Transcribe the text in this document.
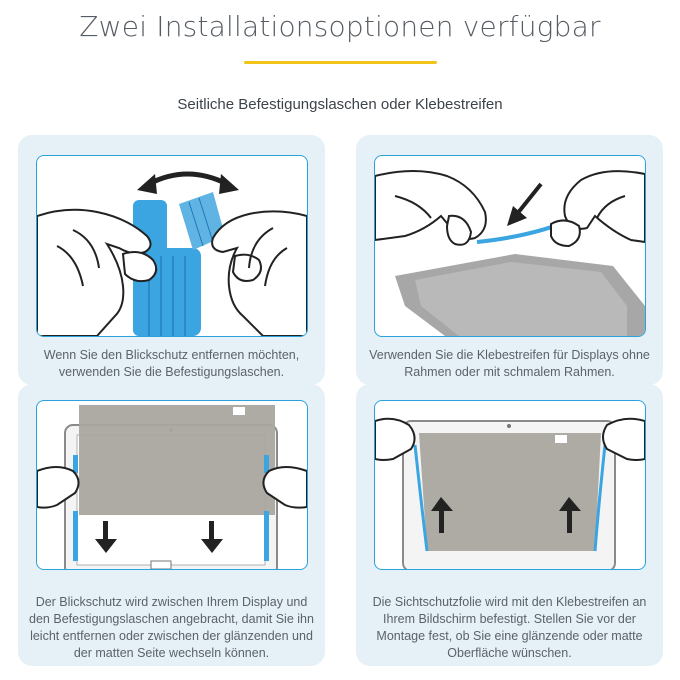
Zwei Installationsoptionen verfügbar
Seitliche Befestigungslaschen oder Klebestreifen
Wenn Sie den Blickschutz entfernen möchten, verwenden Sie die Befestigungslaschen.
Verwenden Sie die Klebestreifen für Displays ohne Rahmen oder mit schmalem Rahmen.
Der Blickschutz wird zwischen Ihrem Display und den Befestigungslaschen angebracht, damit Sie ihn leicht entfernen oder zwischen der glänzenden und der matten Seite wechseln können.
Die Sichtschutzfolie wird mit den Klebestreifen an Ihrem Bildschirm befestigt. Stellen Sie vor der Montage fest, ob Sie eine glänzende oder matte Oberfläche wünschen.
